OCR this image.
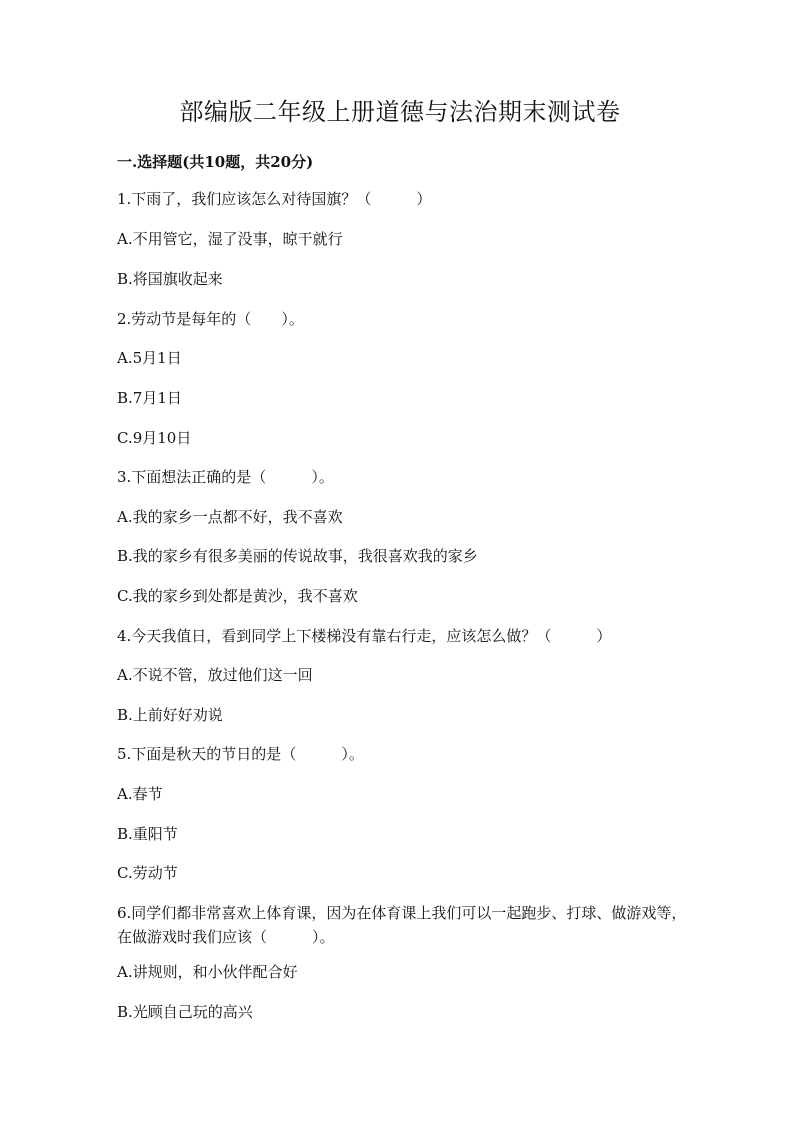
部编版二年级上册道德与法治期末测试卷

一.选择题(共10题，共20分)

1.下雨了，我们应该怎么对待国旗？（　　　）

A.不用管它，湿了没事，晾干就行

B.将国旗收起来

2.劳动节是每年的（　　）。

A.5月1日

B.7月1日

C.9月10日

3.下面想法正确的是（　　　）。

A.我的家乡一点都不好，我不喜欢

B.我的家乡有很多美丽的传说故事，我很喜欢我的家乡

C.我的家乡到处都是黄沙，我不喜欢

4.今天我值日，看到同学上下楼梯没有靠右行走，应该怎么做？（　　　）

A.不说不管，放过他们这一回

B.上前好好劝说

5.下面是秋天的节日的是（　　　）。

A.春节

B.重阳节

C.劳动节

6.同学们都非常喜欢上体育课，因为在体育课上我们可以一起跑步、打球、做游戏等，在做游戏时我们应该（　　　）。

A.讲规则，和小伙伴配合好

B.光顾自己玩的高兴
